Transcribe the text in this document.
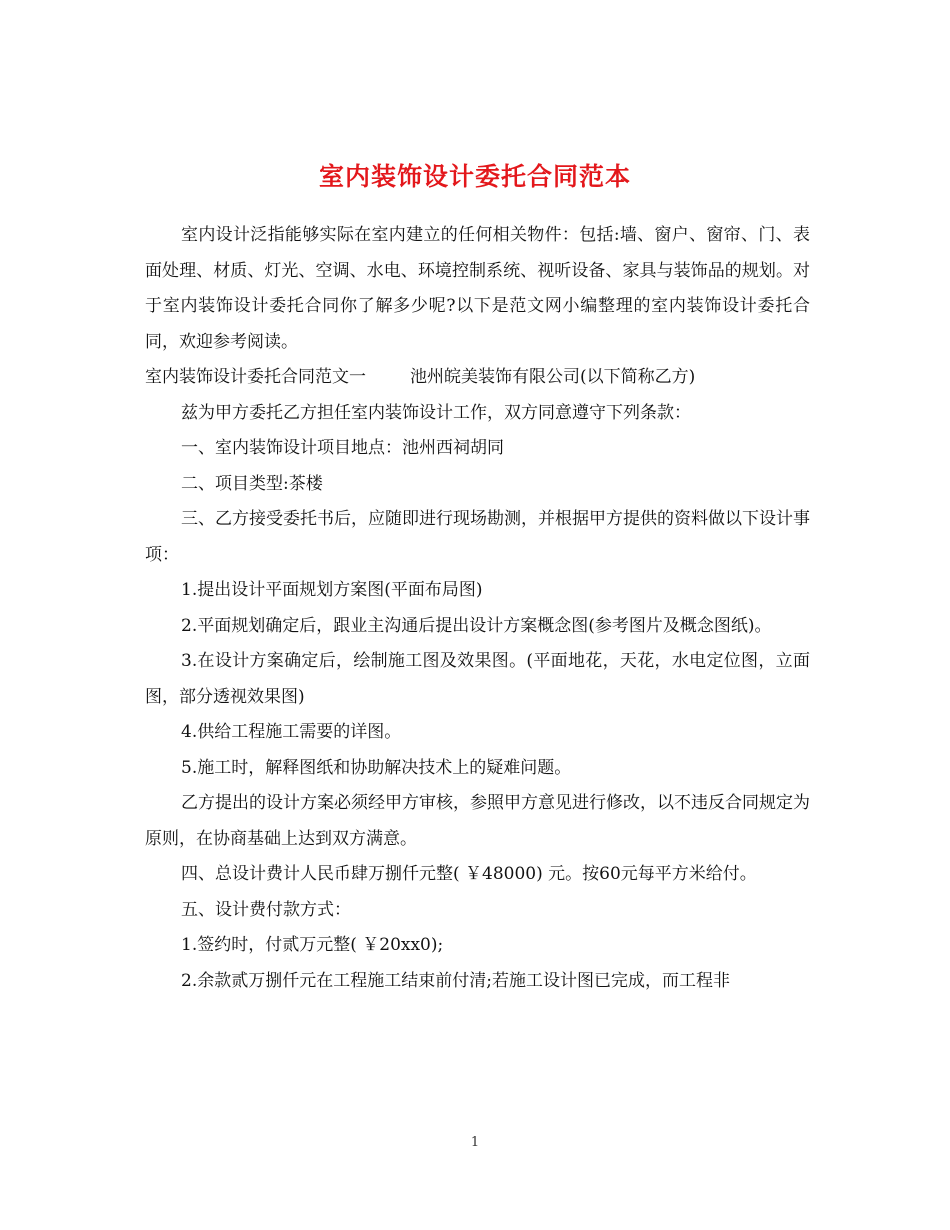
室内装饰设计委托合同范本

室内设计泛指能够实际在室内建立的任何相关物件：包括:墙、窗户、窗帘、门、表面处理、材质、灯光、空调、水电、环境控制系统、视听设备、家具与装饰品的规划。对于室内装饰设计委托合同你了解多少呢?以下是范文网小编整理的室内装饰设计委托合同，欢迎参考阅读。

室内装饰设计委托合同范文一	池州皖美装饰有限公司(以下简称乙方)

兹为甲方委托乙方担任室内装饰设计工作，双方同意遵守下列条款：

一、室内装饰设计项目地点：池州西祠胡同

二、项目类型:茶楼

三、乙方接受委托书后，应随即进行现场勘测，并根据甲方提供的资料做以下设计事项：

1.提出设计平面规划方案图(平面布局图)

2.平面规划确定后，跟业主沟通后提出设计方案概念图(参考图片及概念图纸)。

3.在设计方案确定后，绘制施工图及效果图。(平面地花，天花，水电定位图，立面图，部分透视效果图)

4.供给工程施工需要的详图。

5.施工时，解释图纸和协助解决技术上的疑难问题。

乙方提出的设计方案必须经甲方审核，参照甲方意见进行修改，以不违反合同规定为原则，在协商基础上达到双方满意。

四、总设计费计人民币肆万捌仟元整( ￥48000) 元。按60元每平方米给付。

五、设计费付款方式：

1.签约时，付贰万元整( ￥20xx0);

2.余款贰万捌仟元在工程施工结束前付清;若施工设计图已完成，而工程非

1
